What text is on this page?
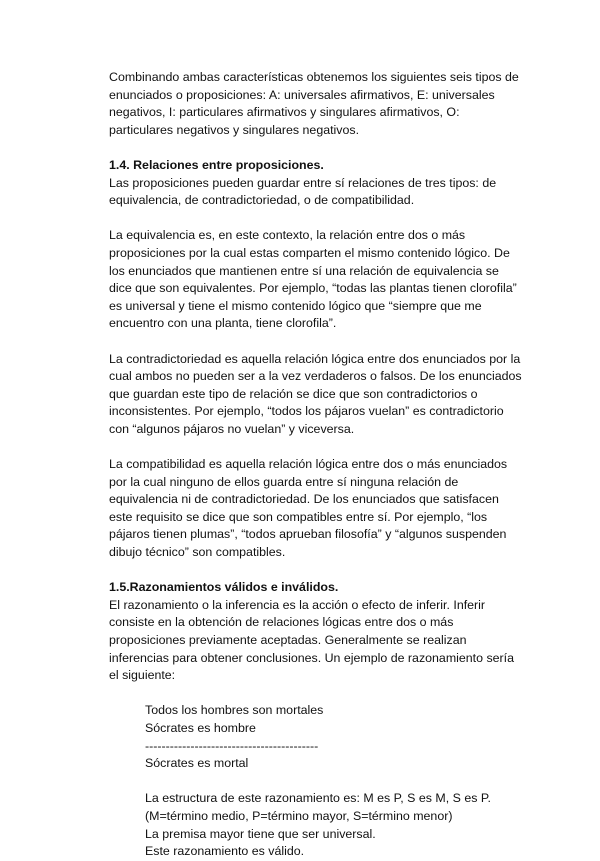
Combinando ambas características obtenemos los siguientes seis tipos de enunciados o proposiciones: A: universales afirmativos, E: universales negativos, I: particulares afirmativos y singulares afirmativos, O: particulares negativos y singulares negativos.

1.4. Relaciones entre proposiciones.

Las proposiciones pueden guardar entre sí relaciones de tres tipos: de equivalencia, de contradictoriedad, o de compatibilidad.

La equivalencia es, en este contexto, la relación entre dos o más proposiciones por la cual estas comparten el mismo contenido lógico. De los enunciados que mantienen entre sí una relación de equivalencia se dice que son equivalentes. Por ejemplo, “todas las plantas tienen clorofila” es universal y tiene el mismo contenido lógico que “siempre que me encuentro con una planta, tiene clorofila”.

La contradictoriedad es aquella relación lógica entre dos enunciados por la cual ambos no pueden ser a la vez verdaderos o falsos. De los enunciados que guardan este tipo de relación se dice que son contradictorios o inconsistentes. Por ejemplo, “todos los pájaros vuelan” es contradictorio con “algunos pájaros no vuelan” y viceversa.

La compatibilidad es aquella relación lógica entre dos o más enunciados por la cual ninguno de ellos guarda entre sí ninguna relación de equivalencia ni de contradictoriedad. De los enunciados que satisfacen este requisito se dice que son compatibles entre sí. Por ejemplo, “los pájaros tienen plumas”, “todos aprueban filosofía” y “algunos suspenden dibujo técnico” son compatibles.

1.5.Razonamientos válidos e inválidos.

El razonamiento o la inferencia es la acción o efecto de inferir. Inferir consiste en la obtención de relaciones lógicas entre dos o más proposiciones previamente aceptadas. Generalmente se realizan inferencias para obtener conclusiones. Un ejemplo de razonamiento sería el siguiente:

Todos los hombres son mortales

Sócrates es hombre

------------------------------------------

Sócrates es mortal

La estructura de este razonamiento es: M es P, S es M, S es P.

(M=término medio, P=término mayor, S=término menor)

La premisa mayor tiene que ser universal.

Este razonamiento es válido.
